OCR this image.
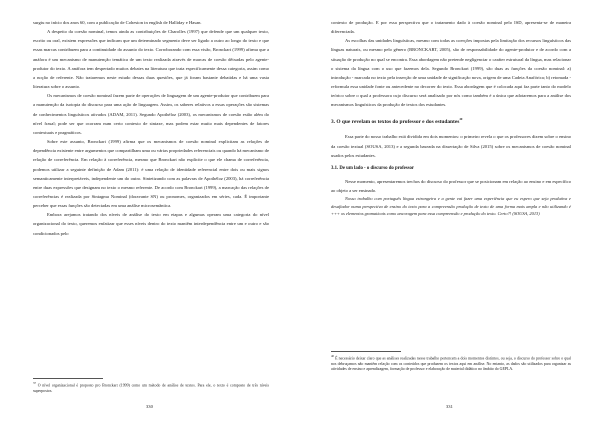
surgiu no início dos anos 60, com a publicação de Cohesion in english de Halliday e Hasan.

A despeito da coesão nominal, temos ainda as contribuições de Charolles (1997) que defende que um qualquer texto, escrito ou oral, existem expressões que indicam que um determinado segmento deve ser ligado a outro ao longo do texto e que essas marcas contribuem para a continuidade do assunto do texto. Corroborando com essa visão, Bronckart (1999) afirma que a anáfora é um mecanismo de manutenção temática de um texto realizada através de marcas de coesão dêixadas pelo agente-produtor do texto. A anáfora tem despertado muitos debates na literatura que trata especificamente dessa categoria, assim como a noção de referente. Não trataremos neste estudo dessas duas questões, que já foram bastante debatidas e há uma vasta literatura sobre o assunto.

Os mecanismos de coesão nominal fazem parte de operações de linguagem de um agente-produtor que contribuem para a manutenção da isotopia do discurso para uma ação de linguagem. Assim, os saberes relativos a essas operações são sistemas de conhecimentos linguísticos ativados (ADAM, 2011). Segundo Apothéloz (2003), os mecanismos de coesão estão além do nível frasal; pode ser que ocorram num certo contexto de sintaxe, mas podem estar muito mais dependentes de fatores contextuais e pragmáticos.

Sobre este assunto, Bronckart (1999) afirma que os mecanismos de coesão nominal explicitam as relações de dependência existente entre argumentos que compartilham uma ou várias propriedades referenciais ou quando há mecanismo de relação de correferência. Em relação à correferência, mesmo que Bronckart não explicite o que ele chama de correferência, podemos utilizar a seguinte definição de Adam (2011): é uma relação de identidade referencial entre dois ou mais signos semanticamente interpretáveis, independente um do outro. Sintetizando com as palavras de Apothéloz (2003), há correferência entre duas expressões que designam no texto o mesmo referente. De acordo com Bronckart (1999), a marcação das relações de correferências é realizada por Sintagma Nominal (doravante SN) ou pronomes, organizados em séries, cada. É importante perceber que essas funções são detectadas em uma análise microsemântica.

Embora arejamos tratando dos níveis de análise do texto em etapas e algumas operam uma categoria do nível organizacional do texto, queremos enfatizar que esses níveis dentro do texto mantêm interdependência entre um e outro e são condicionados pelo

$^{37}$ O nível organizacional é proposto pro Bronckart (1999) como um método de análise de textos. Para ele, o texto é composto de três níveis superpostos.
330

contexto de produção. E por essa perspectiva que o tratamento dado à coesão nominal pelo ISD, apresenta-se de maneira diferenciada.

As escolhas das unidades linguísticas, mesmo com todas as coerções impostas pela limitação dos recursos linguísticos das línguas naturais, ou mesmo pelo gênero (BRONCKART, 2005), são de responsabilidade do agente-produtor e de acordo com a situação de produção no qual se encontra. Essa abordagem não pretende negligenciar o caráter estrutural da língua, mas relacionar o sistema da língua com o uso que fazemos dela. Segundo Bronckart (1999), são duas as funções da coesão nominal: a) introdução - marcada no texto pela inserção de uma unidade de significação nova, origem de uma Cadeia Anafórica; b) retomada - reformula essa unidade fonte ou antecedente no decorrer do texto. Essa abordagem que é colocada aqui faz parte tanto do modelo teórico sobre o qual a professora cujo discurso será analisado por nós como também é a única que adotaremos para a análise dos mecanismos linguísticos da produção de textos dos estudantes.

3. O que revelam os textos do professor e dos estudantes$^{40}$

Essa parte do nosso trabalho está dividida em dois momentos: o primeiro revela o que os professores dizem sobre o ensino da coesão textual (SOUSA, 2013) e a segunda baseada na dissertação de Silva (2015) sobre os mecanismos de coesão nominal usados pelos estudantes.

3.1. De um lado - o discurso do professor

Nesse momento, apresentaremos trechos do discurso do professor que se posicionam em relação ao ensino e em específico ao objeto a ser ensinado.

Nosso trabalho com português língua estrangeira e a gente vai fazer uma experiência que eu espero que seja produtiva e desafiador numa perspectiva de ensino do texto para a compreensão produção de texto de uma forma mais ampla e não utilizando é +++ os elementos gramaticais como ancoragem para essa compreensão e produção do texto. Certo?! (SOUSA, 2013)

$^{40}$ É necessário deixar claro que as análises realizadas nesse trabalho pertencem a dois momentos distintos, ou seja, o discurso do professor sobre o qual nos debruçamos não mantêm relação com os conteúdos que produzem os textos aqui em análise. No entanto, as dados são utilizados para organizar as atividades de ensino e aprendizagem, formação de professor e elaboração de material didático no âmbito do GEPLA.
331
